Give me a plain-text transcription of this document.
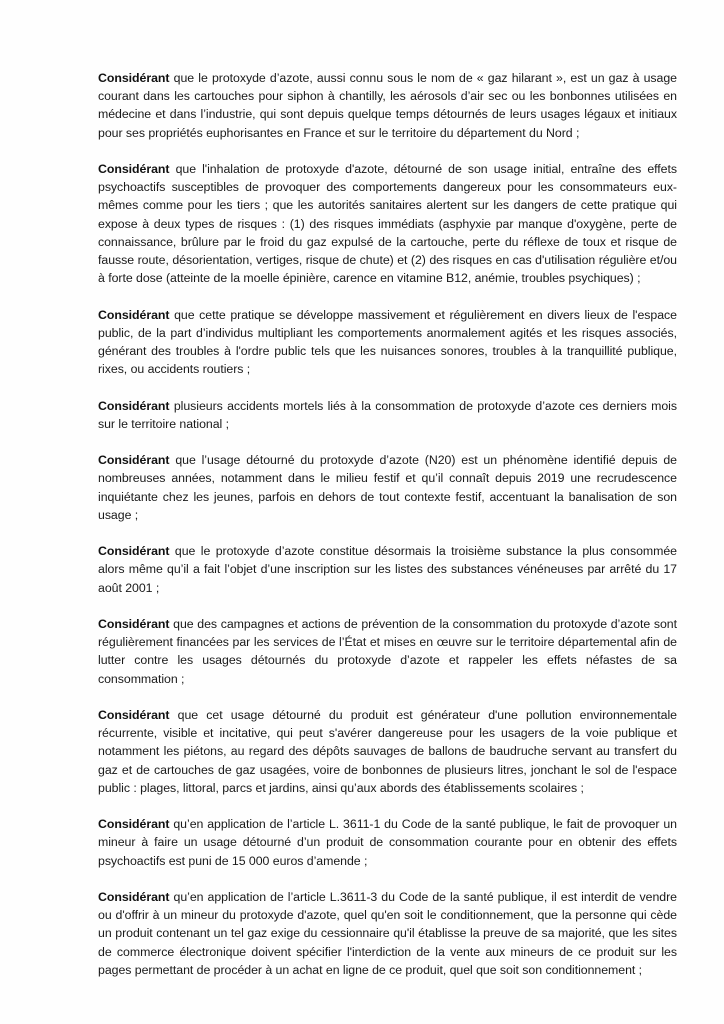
Considérant que le protoxyde d’azote, aussi connu sous le nom de « gaz hilarant », est un gaz à usage courant dans les cartouches pour siphon à chantilly, les aérosols d’air sec ou les bonbonnes utilisées en médecine et dans l’industrie, qui sont depuis quelque temps détournés de leurs usages légaux et initiaux pour ses propriétés euphorisantes en France et sur le territoire du département du Nord ;

Considérant que l'inhalation de protoxyde d'azote, détourné de son usage initial, entraîne des effets psychoactifs susceptibles de provoquer des comportements dangereux pour les consommateurs eux-mêmes comme pour les tiers ; que les autorités sanitaires alertent sur les dangers de cette pratique qui expose à deux types de risques : (1) des risques immédiats (asphyxie par manque d'oxygène, perte de connaissance, brûlure par le froid du gaz expulsé de la cartouche, perte du réflexe de toux et risque de fausse route, désorientation, vertiges, risque de chute) et (2) des risques en cas d'utilisation régulière et/ou à forte dose (atteinte de la moelle épinière, carence en vitamine B12, anémie, troubles psychiques) ;

Considérant que cette pratique se développe massivement et régulièrement en divers lieux de l'espace public, de la part d’individus multipliant les comportements anormalement agités et les risques associés, générant des troubles à l'ordre public tels que les nuisances sonores, troubles à la tranquillité publique, rixes, ou accidents routiers ;

Considérant plusieurs accidents mortels liés à la consommation de protoxyde d’azote ces derniers mois sur le territoire national ;

Considérant que l’usage détourné du protoxyde d’azote (N20) est un phénomène identifié depuis de nombreuses années, notamment dans le milieu festif et qu’il connaît depuis 2019 une recrudescence inquiétante chez les jeunes, parfois en dehors de tout contexte festif, accentuant la banalisation de son usage ;

Considérant que le protoxyde d’azote constitue désormais la troisième substance la plus consommée alors même qu’il a fait l’objet d’une inscription sur les listes des substances vénéneuses par arrêté du 17 août 2001 ;

Considérant que des campagnes et actions de prévention de la consommation du protoxyde d’azote sont régulièrement financées par les services de l’État et mises en œuvre sur le territoire départemental afin de lutter contre les usages détournés du protoxyde d’azote et rappeler les effets néfastes de sa consommation ;

Considérant que cet usage détourné du produit est générateur d'une pollution environnementale récurrente, visible et incitative, qui peut s'avérer dangereuse pour les usagers de la voie publique et notamment les piétons, au regard des dépôts sauvages de ballons de baudruche servant au transfert du gaz et de cartouches de gaz usagées, voire de bonbonnes de plusieurs litres, jonchant le sol de l'espace public : plages, littoral, parcs et jardins, ainsi qu’aux abords des établissements scolaires ;

Considérant qu’en application de l’article L. 3611-1 du Code de la santé publique, le fait de provoquer un mineur à faire un usage détourné d’un produit de consommation courante pour en obtenir des effets psychoactifs est puni de 15 000 euros d’amende ;

Considérant qu’en application de l’article L.3611-3 du Code de la santé publique, il est interdit de vendre ou d'offrir à un mineur du protoxyde d'azote, quel qu'en soit le conditionnement, que la personne qui cède un produit contenant un tel gaz exige du cessionnaire qu'il établisse la preuve de sa majorité, que les sites de commerce électronique doivent spécifier l'interdiction de la vente aux mineurs de ce produit sur les pages permettant de procéder à un achat en ligne de ce produit, quel que soit son conditionnement ;
